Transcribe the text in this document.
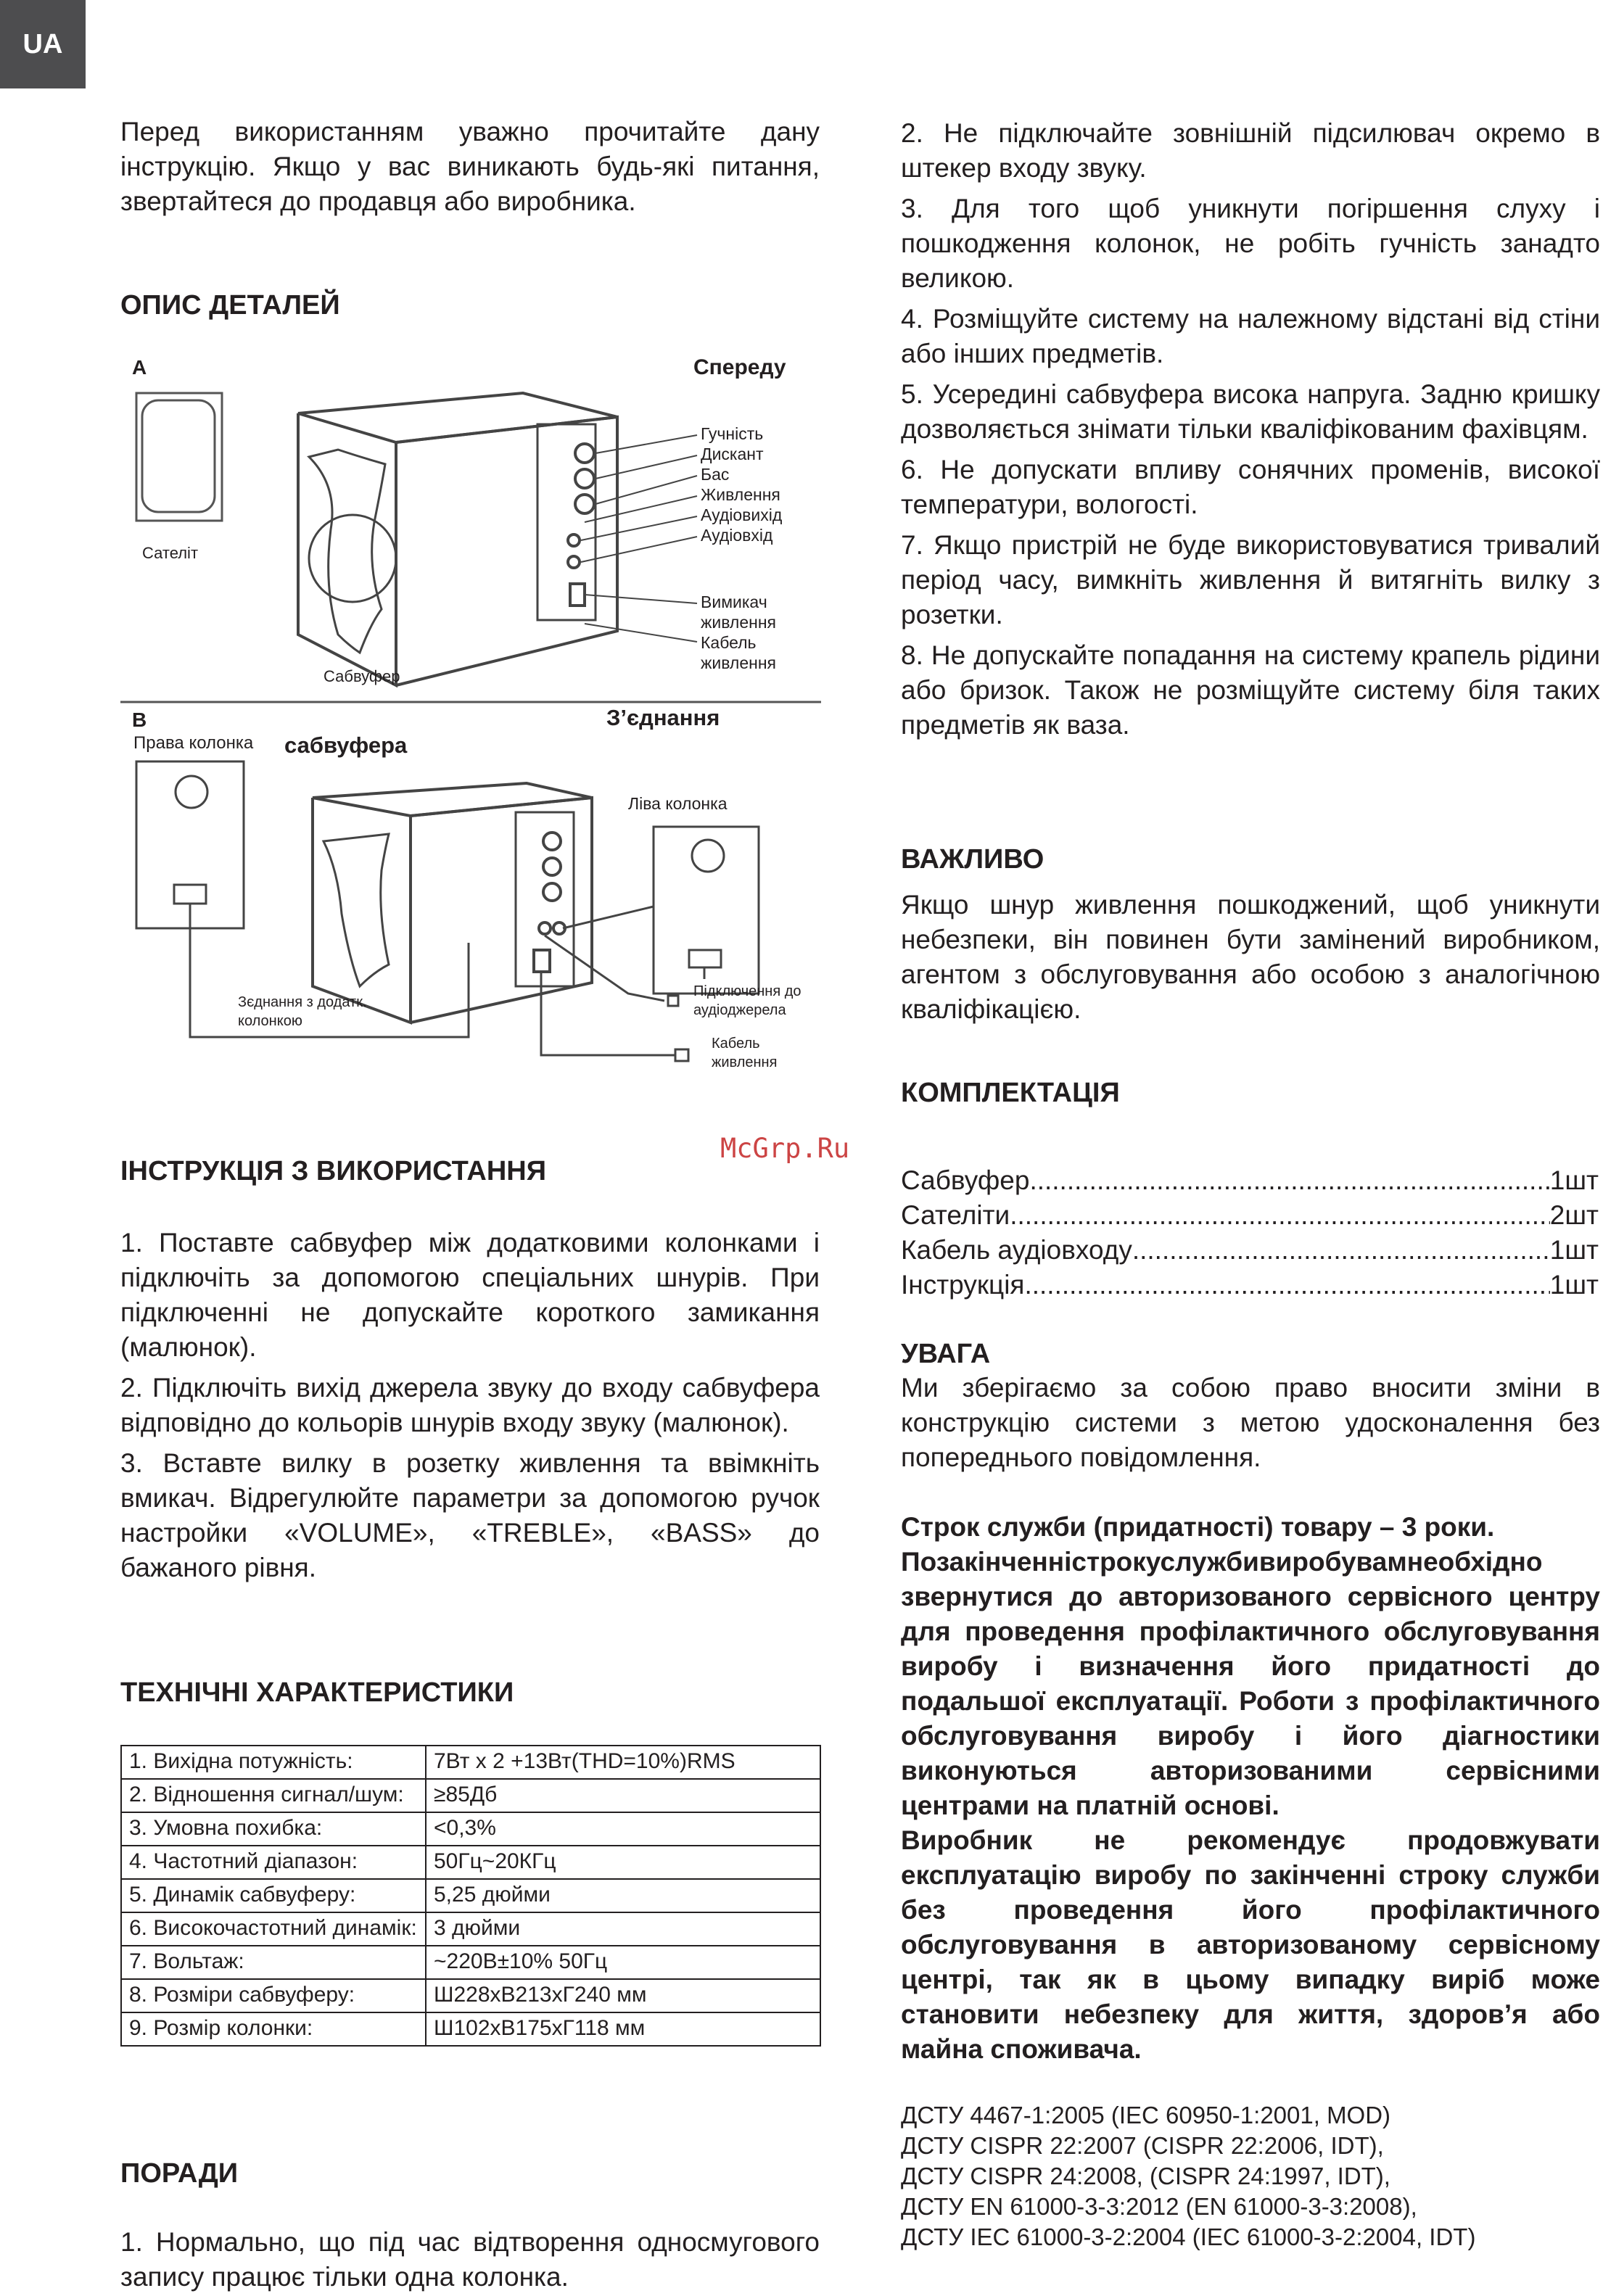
UA

Перед використанням уважно прочитайте дану інструкцію. Якщо у вас виникають будь-які питання, звертайтеся до продавця або виробника.

ОПИС ДЕТАЛЕЙ
A
Сателіт
Спереду
Гучність
Дискант
Бас
Живлення
Аудіовихід
Аудіовхід
Вимикач
живлення
Кабель
живлення
Сабвуфер
B
Права колонка сабвуфера
З’єднання
Ліва колонка
Зєднання з додатк.
колонкою
Підключення до
аудіоджерела
Кабель
живлення
McGrp.Ru
ІНСТРУКЦІЯ З ВИКОРИСТАННЯ

1. Поставте сабвуфер між додатковими колонками і підключіть за допомогою спеціальних шнурів. При підключенні не допускайте короткого замикання (малюнок).

2. Підключіть вихід джерела звуку до входу сабвуфера відповідно до кольорів шнурів входу звуку (малюнок).

3. Вставте вилку в розетку живлення та ввімкніть вмикач. Відрегулюйте параметри за допомогою ручок настройки «VOLUME», «TREBLE», «BASS» до бажаного рівня.

ТЕХНІЧНІ ХАРАКТЕРИСТИКИ
1. Вихідна потужність:	7Вт x 2 +13Вт(THD=10%)RMS
2. Відношення сигнал/шум:	≥85Дб
3. Умовна похибка:	<0,3%
4. Частотний діапазон:	50Гц~20КГц
5. Динамік сабвуферу:	5,25 дюйми
6. Високочастотний динамік:	3 дюйми
7. Вольтаж:	~220В±10% 50Гц
8. Розміри сабвуферу:	Ш228хВ213хГ240 мм
9. Розмір колонки:	Ш102хВ175хГ118 мм
ПОРАДИ

1. Нормально, що під час відтворення односмугового запису працює тільки одна колонка.

2. Не підключайте зовнішній підсилювач окремо в штекер входу звуку.

3. Для того щоб уникнути погіршення слуху і пошкодження колонок, не робіть гучність занадто великою.

4. Розміщуйте систему на належному відстані від стіни або інших предметів.

5. Усередині сабвуфера висока напруга. Задню кришку дозволяється знімати тільки кваліфікованим фахівцям.

6. Не допускати впливу сонячних променів, високої температури, вологості.

7. Якщо пристрій не буде використовуватися тривалий період часу, вимкніть живлення й витягніть вилку з розетки.

8. Не допускайте попадання на систему крапель рідини або бризок. Також не розміщуйте систему біля таких предметів як ваза.

ВАЖЛИВО

Якщо шнур живлення пошкоджений, щоб уникнути небезпеки, він повинен бути замінений виробником, агентом з обслуговування або особою з аналогічною кваліфікацією.

КОМПЛЕКТАЦІЯ
Сабвуфер .....	1шт
Сателіти .....	2шт
Кабель аудіовходу .....	1шт
Інструкція .....	1шт
УВАГА

Ми зберігаємо за собою право вносити зміни в конструкцію системи з метою удосконалення без попереднього повідомлення.

Строк служби (придатності) товару – 3 роки.

Позакінченністрокуслужбивиробувамнеобхідно звернутися до авторизованого сервісного центру для проведення профілактичного обслуговування виробу і визначення його придатності до подальшої експлуатації. Роботи з профілактичного обслуговування виробу і його діагностики виконуються авторизованими сервісними центрами на платній основі.

Виробник не рекомендує продовжувати експлуатацію виробу по закінченні строку служби без проведення його профілактичного обслуговування в авторизованому сервісному центрі, так як в цьому випадку виріб може становити небезпеку для життя, здоров’я або майна споживача.

ДСТУ 4467-1:2005 (IEC 60950-1:2001, MOD)
ДСТУ CISPR 22:2007 (CISPR 22:2006, IDT),
ДСТУ CISPR 24:2008, (CISPR 24:1997, IDT),
ДСТУ EN 61000-3-3:2012 (EN 61000-3-3:2008),
ДСТУ IEC 61000-3-2:2004 (IEC 61000-3-2:2004, IDT)
